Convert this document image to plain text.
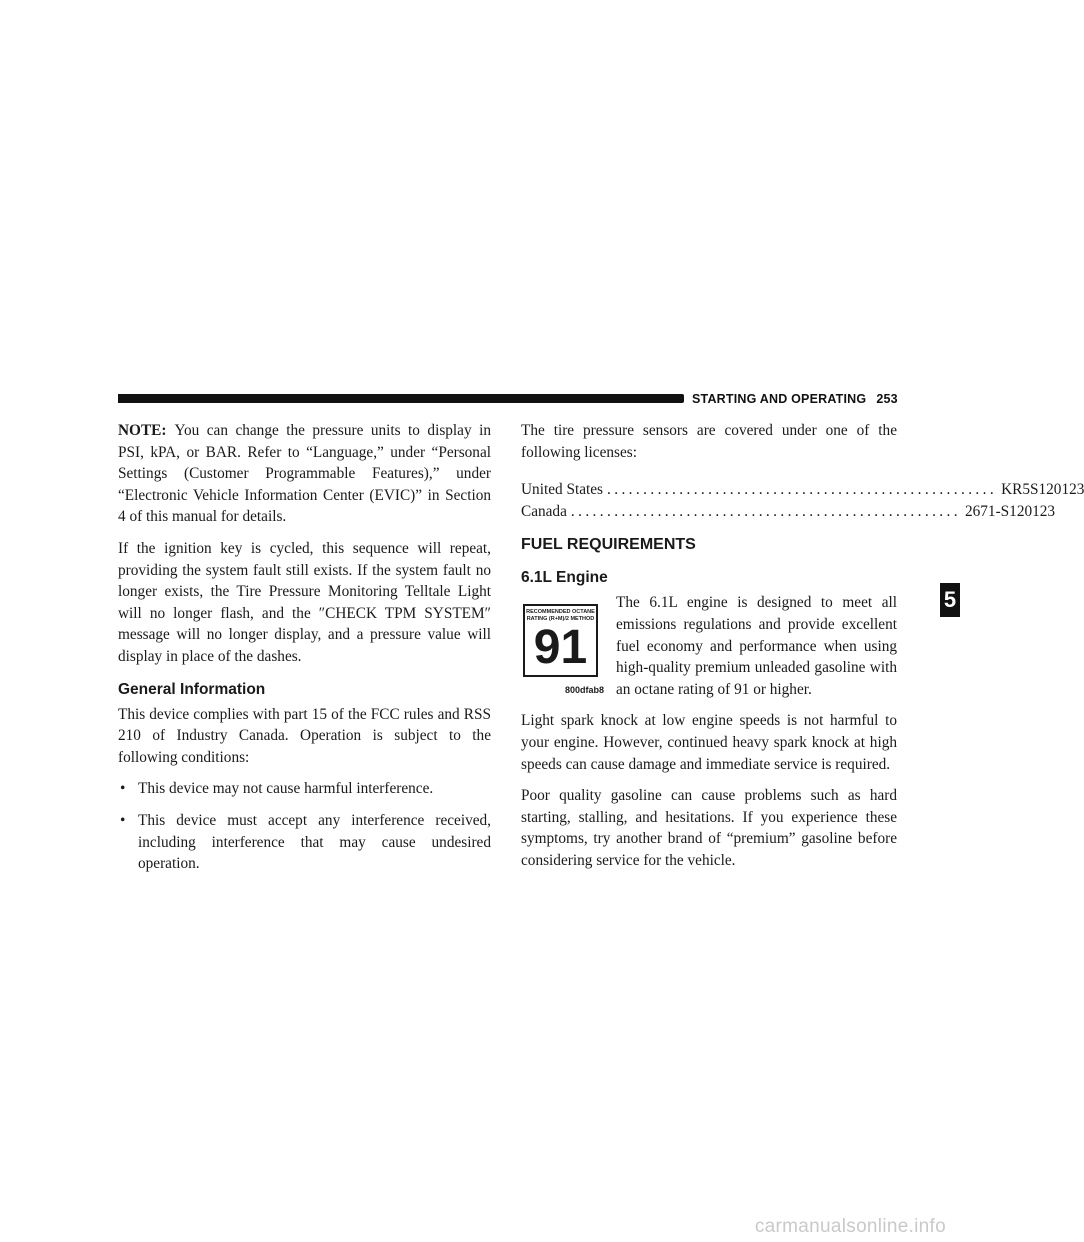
STARTING AND OPERATING 253
5

NOTE: You can change the pressure units to display in PSI, kPA, or BAR. Refer to “Language,” under “Personal Settings (Customer Programmable Features),” under “Electronic Vehicle Information Center (EVIC)” in Section 4 of this manual for details.

If the ignition key is cycled, this sequence will repeat, providing the system fault still exists. If the system fault no longer exists, the Tire Pressure Monitoring Telltale Light will no longer flash, and the ″CHECK TPM SYSTEM″ message will no longer display, and a pressure value will display in place of the dashes.

General Information

This device complies with part 15 of the FCC rules and RSS 210 of Industry Canada. Operation is subject to the following conditions:

• This device may not cause harmful interference.
• This device must accept any interference received, including interference that may cause undesired operation.

The tire pressure sensors are covered under one of the following licenses:

United States ...................................................... KR5S120123
Canada ...................................................... 2671-S120123
FUEL REQUIREMENTS
6.1L Engine
RECOMMENDED OCTANE RATING (R+M)/2 METHOD
91
800dfab8
The 6.1L engine is designed to meet all emissions regulations and provide excellent fuel economy and performance when using high-quality premium unleaded gasoline with an octane rating of 91 or higher.

Light spark knock at low engine speeds is not harmful to your engine. However, continued heavy spark knock at high speeds can cause damage and immediate service is required.

Poor quality gasoline can cause problems such as hard starting, stalling, and hesitations. If you experience these symptoms, try another brand of “premium” gasoline before considering service for the vehicle.

carmanualsonline.info
